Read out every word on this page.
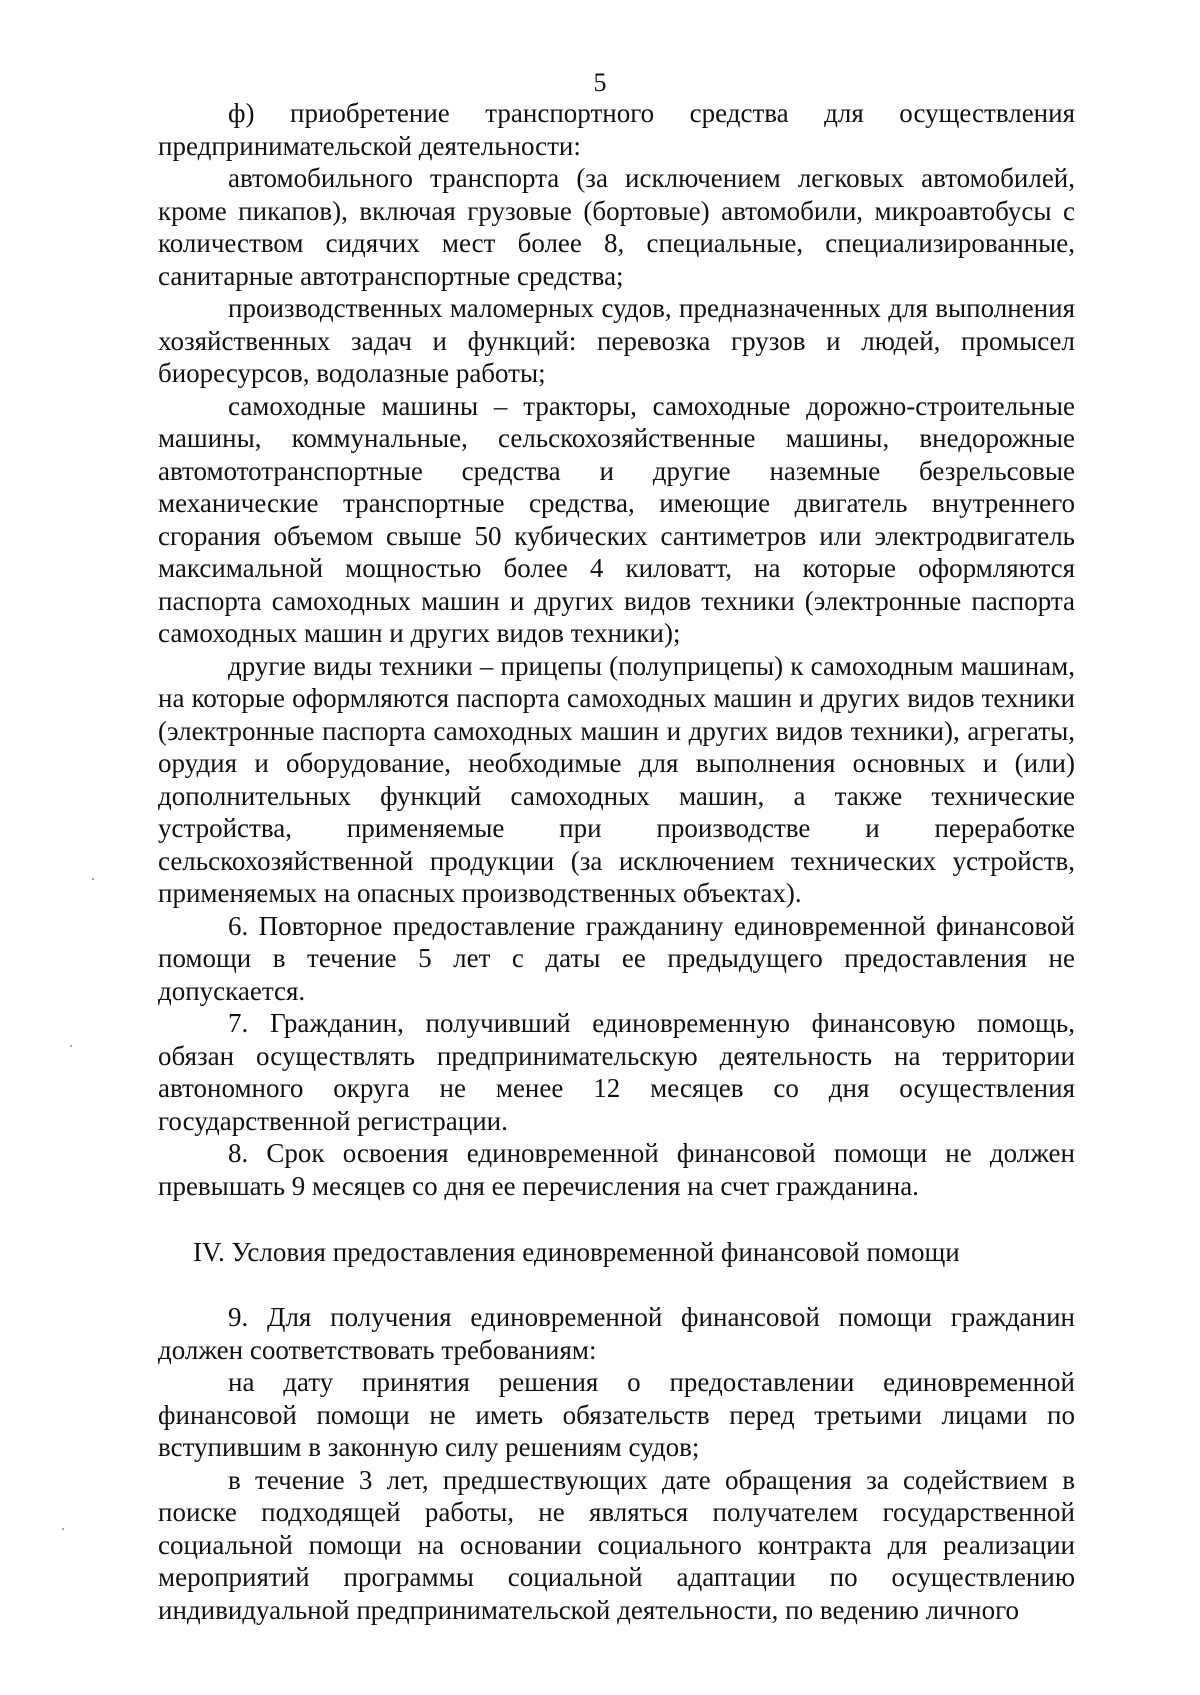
5

ф) приобретение транспортного средства для осуществления предпринимательской деятельности:

автомобильного транспорта (за исключением легковых автомобилей, кроме пикапов), включая грузовые (бортовые) автомобили, микроавтобусы с количеством сидячих мест более 8, специальные, специализированные, санитарные автотранспортные средства;

производственных маломерных судов, предназначенных для выполнения хозяйственных задач и функций: перевозка грузов и людей, промысел биоресурсов, водолазные работы;

самоходные машины – тракторы, самоходные дорожно-строительные машины, коммунальные, сельскохозяйственные машины, внедорожные автомототранспортные средства и другие наземные безрельсовые механические транспортные средства, имеющие двигатель внутреннего сгорания объемом свыше 50 кубических сантиметров или электродвигатель максимальной мощностью более 4 киловатт, на которые оформляются паспорта самоходных машин и других видов техники (электронные паспорта самоходных машин и других видов техники);

другие виды техники – прицепы (полуприцепы) к самоходным машинам, на которые оформляются паспорта самоходных машин и других видов техники (электронные паспорта самоходных машин и других видов техники), агрегаты, орудия и оборудование, необходимые для выполнения основных и (или) дополнительных функций самоходных машин, а также технические устройства, применяемые при производстве и переработке сельскохозяйственной продукции (за исключением технических устройств, применяемых на опасных производственных объектах).

6. Повторное предоставление гражданину единовременной финансовой помощи в течение 5 лет с даты ее предыдущего предоставления не допускается.

7. Гражданин, получивший единовременную финансовую помощь, обязан осуществлять предпринимательскую деятельность на территории автономного округа не менее 12 месяцев со дня осуществления государственной регистрации.

8. Срок освоения единовременной финансовой помощи не должен превышать 9 месяцев со дня ее перечисления на счет гражданина.

IV. Условия предоставления единовременной финансовой помощи

9. Для получения единовременной финансовой помощи гражданин должен соответствовать требованиям:

на дату принятия решения о предоставлении единовременной финансовой помощи не иметь обязательств перед третьими лицами по вступившим в законную силу решениям судов;

в течение 3 лет, предшествующих дате обращения за содействием в поиске подходящей работы, не являться получателем государственной социальной помощи на основании социального контракта для реализации мероприятий программы социальной адаптации по осуществлению индивидуальной предпринимательской деятельности, по ведению личного
